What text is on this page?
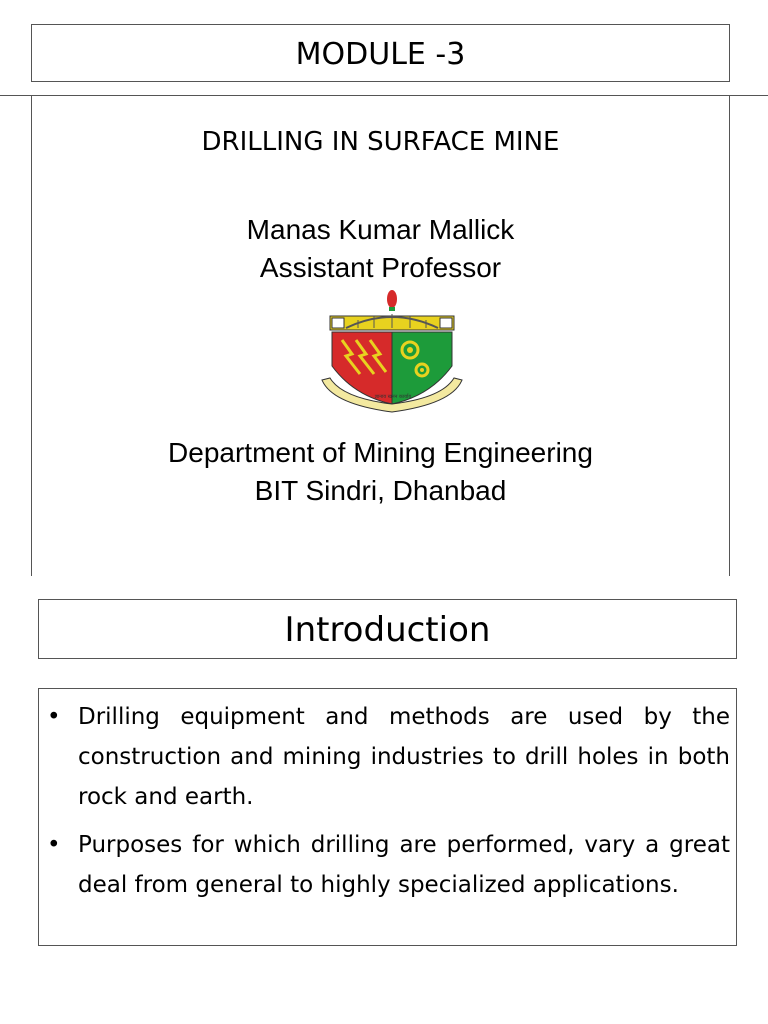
MODULE -3
DRILLING IN SURFACE MINE
Manas Kumar Mallick
Assistant Professor
ज्ञानाय खनन कार्याय
Department of Mining Engineering
BIT Sindri, Dhanbad
Introduction
• Drilling equipment and methods are used by the construction and mining industries to drill holes in both rock and earth.
• Purposes for which drilling are performed, vary a great deal from general to highly specialized applications.
